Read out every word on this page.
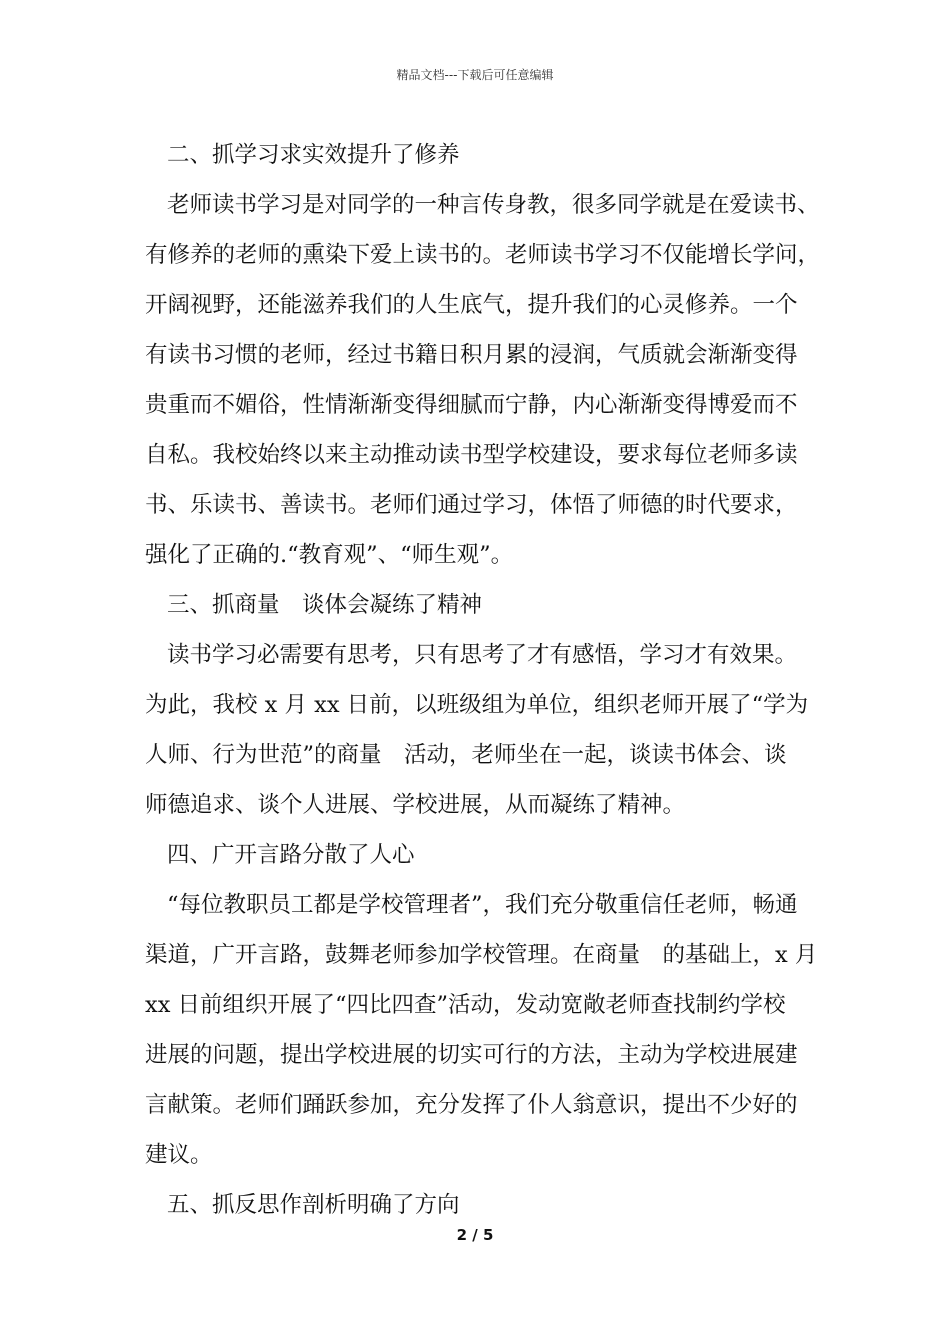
精品文档---下载后可任意编辑
二、抓学习求实效提升了修养
老师读书学习是对同学的一种言传身教，很多同学就是在爱读书、
有修养的老师的熏染下爱上读书的。老师读书学习不仅能增长学问，
开阔视野，还能滋养我们的人生底气，提升我们的心灵修养。一个
有读书习惯的老师，经过书籍日积月累的浸润，气质就会渐渐变得
贵重而不媚俗，性情渐渐变得细腻而宁静，内心渐渐变得博爱而不
自私。我校始终以来主动推动读书型学校建设，要求每位老师多读
书、乐读书、善读书。老师们通过学习，体悟了师德的时代要求，
强化了正确的.“教育观”、“师生观”。
三、抓商量　谈体会凝练了精神
读书学习必需要有思考，只有思考了才有感悟，学习才有效果。
为此，我校 x 月 xx 日前，以班级组为单位，组织老师开展了“学为
人师、行为世范”的商量　活动，老师坐在一起，谈读书体会、谈
师德追求、谈个人进展、学校进展，从而凝练了精神。
四、广开言路分散了人心
“每位教职员工都是学校管理者”，我们充分敬重信任老师，畅通
渠道，广开言路，鼓舞老师参加学校管理。在商量　的基础上，x 月
xx 日前组织开展了“四比四查”活动，发动宽敞老师查找制约学校
进展的问题，提出学校进展的切实可行的方法，主动为学校进展建
言献策。老师们踊跃参加，充分发挥了仆人翁意识，提出不少好的
建议。
五、抓反思作剖析明确了方向
2 / 5
